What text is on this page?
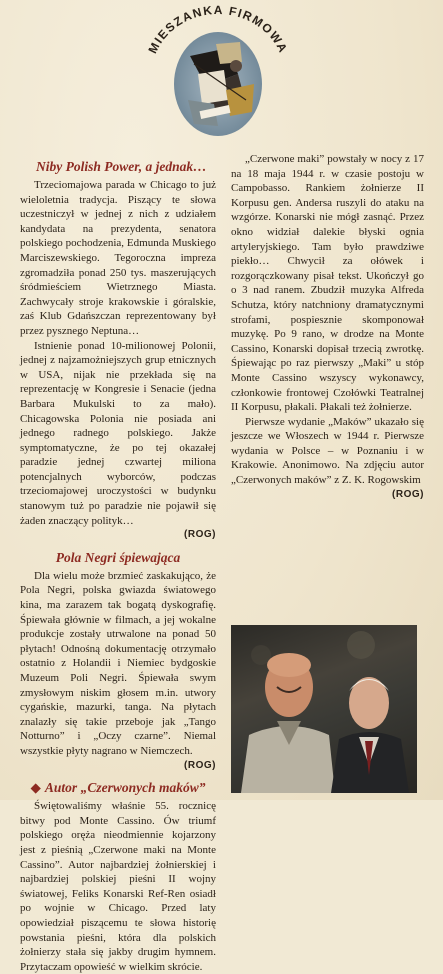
MIESZANKA FIRMOWA
Niby Polish Power, a jednak…

Trzeciomajowa parada w Chicago to już wieloletnia tradycja. Piszący te słowa uczestniczył w jednej z nich z udziałem kandydata na prezydenta, senatora polskiego pochodzenia, Edmunda Muskiego Marciszewskiego. Tegoroczna impreza zgromadziła ponad 250 tys. maszerujących śródmieściem Wietrznego Miasta. Zachwycały stroje krakowskie i góralskie, zaś Klub Gdańszczan reprezentowany był przez pysznego Neptuna…

Istnienie ponad 10-milionowej Polonii, jednej z najzamożniejszych grup etnicznych w USA, nijak nie przekłada się na reprezentację w Kongresie i Senacie (jedna Barbara Mukulski to za mało). Chicagowska Polonia nie posiada ani jednego radnego polskiego. Jakże symptomatyczne, że po tej okazałej paradzie jednej czwartej miliona potencjalnych wyborców, podczas trzeciomajowej uroczystości w budynku stanowym tuż po paradzie nie pojawił się żaden znaczący polityk…

(ROG)
Pola Negri śpiewająca

Dla wielu może brzmieć zaskakująco, że Pola Negri, polska gwiazda światowego kina, ma zarazem tak bogatą dyskografię. Śpiewała głównie w filmach, a jej wokalne produkcje zostały utrwalone na ponad 50 płytach! Odnośną dokumentację otrzymało ostatnio z Holandii i Niemiec bydgoskie Muzeum Poli Negri. Śpiewała swym zmysłowym niskim głosem m.in. utwory cygańskie, mazurki, tanga. Na płytach znalazły się takie przeboje jak „Tango Notturno” i „Oczy czarne”. Niemal wszystkie płyty nagrano w Niemczech.

(ROG)
◆ Autor „Czerwonych maków”

Świętowaliśmy właśnie 55. rocznicę bitwy pod Monte Cassino. Ów triumf polskiego oręża nieodmiennie kojarzony jest z pieśnią „Czerwone maki na Monte Cassino”. Autor najbardziej żołnierskiej i najbardziej polskiej pieśni II wojny światowej, Feliks Konarski Ref-Ren osiadł po wojnie w Chicago. Przed laty opowiedział piszącemu te słowa historię powstania pieśni, która dla polskich żołnierzy stała się jakby drugim hymnem. Przytaczam opowieść w wielkim skrócie.

„Czerwone maki” powstały w nocy z 17 na 18 maja 1944 r. w czasie postoju w Campobasso. Rankiem żołnierze II Korpusu gen. Andersa ruszyli do ataku na wzgórze. Konarski nie mógł zasnąć. Przez okno widział dalekie błyski ognia artyleryjskiego. Tam było prawdziwe piekło… Chwycił za ołówek i rozgorączkowany pisał tekst. Ukończył go o 3 nad ranem. Zbudził muzyka Alfreda Schutza, który natchniony dramatycznymi strofami, pospiesznie skomponował muzykę. Po 9 rano, w drodze na Monte Cassino, Konarski dopisał trzecią zwrotkę. Śpiewając po raz pierwszy „Maki” u stóp Monte Cassino wszyscy wykonawcy, członkowie frontowej Czołówki Teatralnej II Korpusu, płakali. Płakali też żołnierze.

Pierwsze wydanie „Maków” ukazało się jeszcze we Włoszech w 1944 r. Pierwsze wydania w Polsce – w Poznaniu i w Krakowie. Anonimowo. Na zdjęciu autor „Czerwonych maków” z Z. K. Rogowskim

(ROG)
